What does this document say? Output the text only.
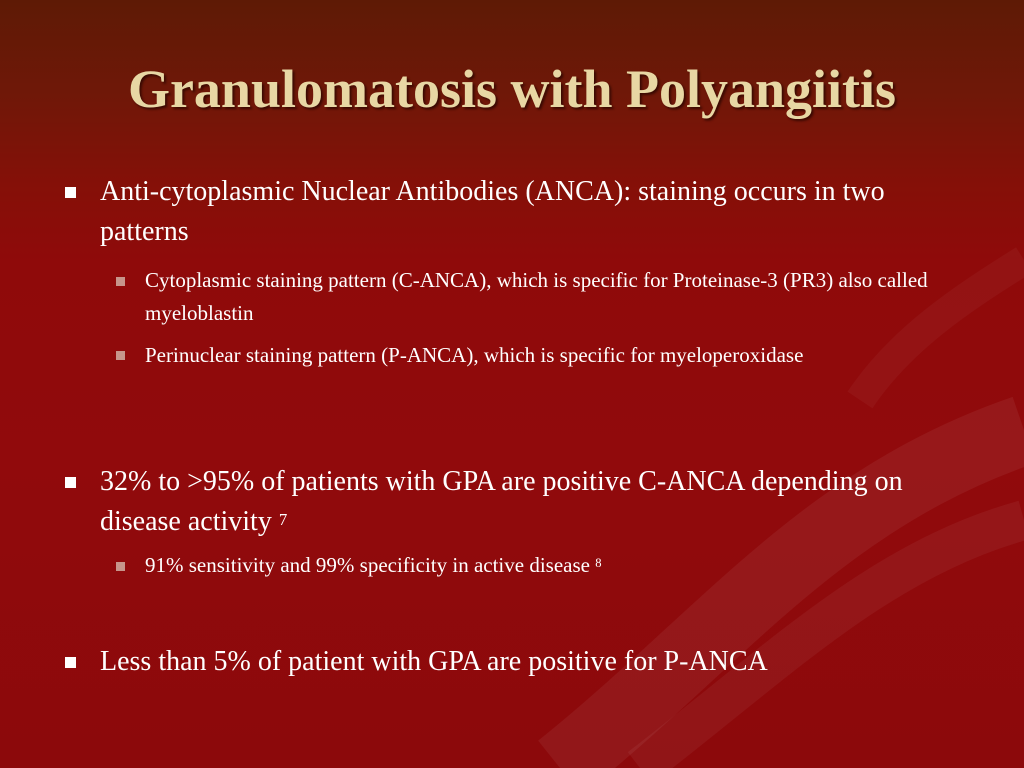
Granulomatosis with Polyangiitis
Anti-cytoplasmic Nuclear Antibodies (ANCA): staining occurs in two patterns
Cytoplasmic staining pattern (C-ANCA), which is specific for Proteinase-3 (PR3) also called myeloblastin
Perinuclear staining pattern (P-ANCA), which is specific for myeloperoxidase
32% to >95% of patients with GPA are positive C-ANCA depending on disease activity $^7$
91% sensitivity and 99% specificity in active disease $^8$
Less than 5% of patient with GPA are positive for P-ANCA
